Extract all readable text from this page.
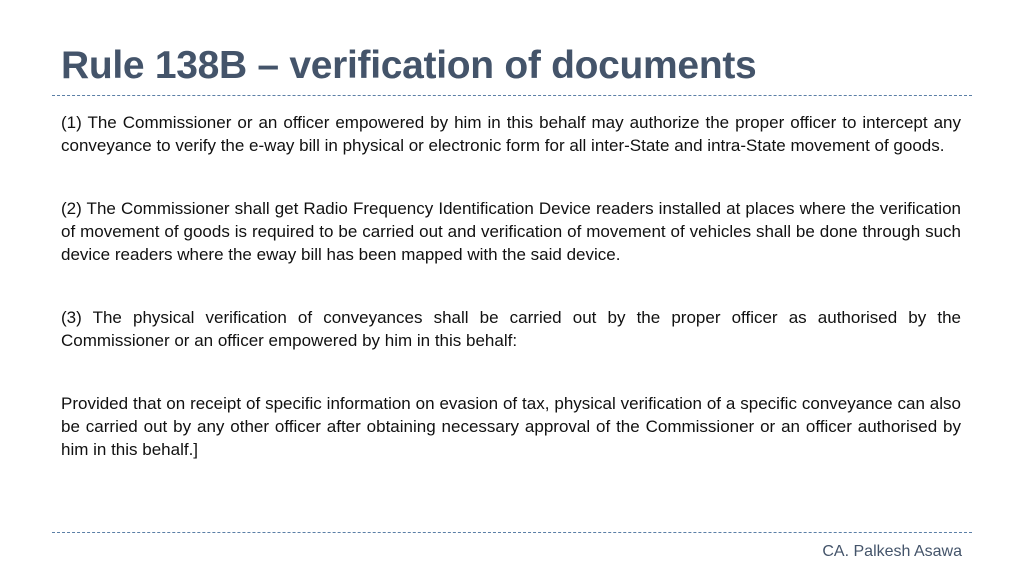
Rule 138B – verification of documents

(1) The Commissioner or an officer empowered by him in this behalf may authorize the proper officer to intercept any conveyance to verify the e-way bill in physical or electronic form for all inter-State and intra-State movement of goods.

(2) The Commissioner shall get Radio Frequency Identification Device readers installed at places where the verification of movement of goods is required to be carried out and verification of movement of vehicles shall be done through such device readers where the eway bill has been mapped with the said device.

(3) The physical verification of conveyances shall be carried out by the proper officer as authorised by the Commissioner or an officer empowered by him in this behalf:

Provided that on receipt of specific information on evasion of tax, physical verification of a specific conveyance can also be carried out by any other officer after obtaining necessary approval of the Commissioner or an officer authorised by him in this behalf.]

CA. Palkesh Asawa
